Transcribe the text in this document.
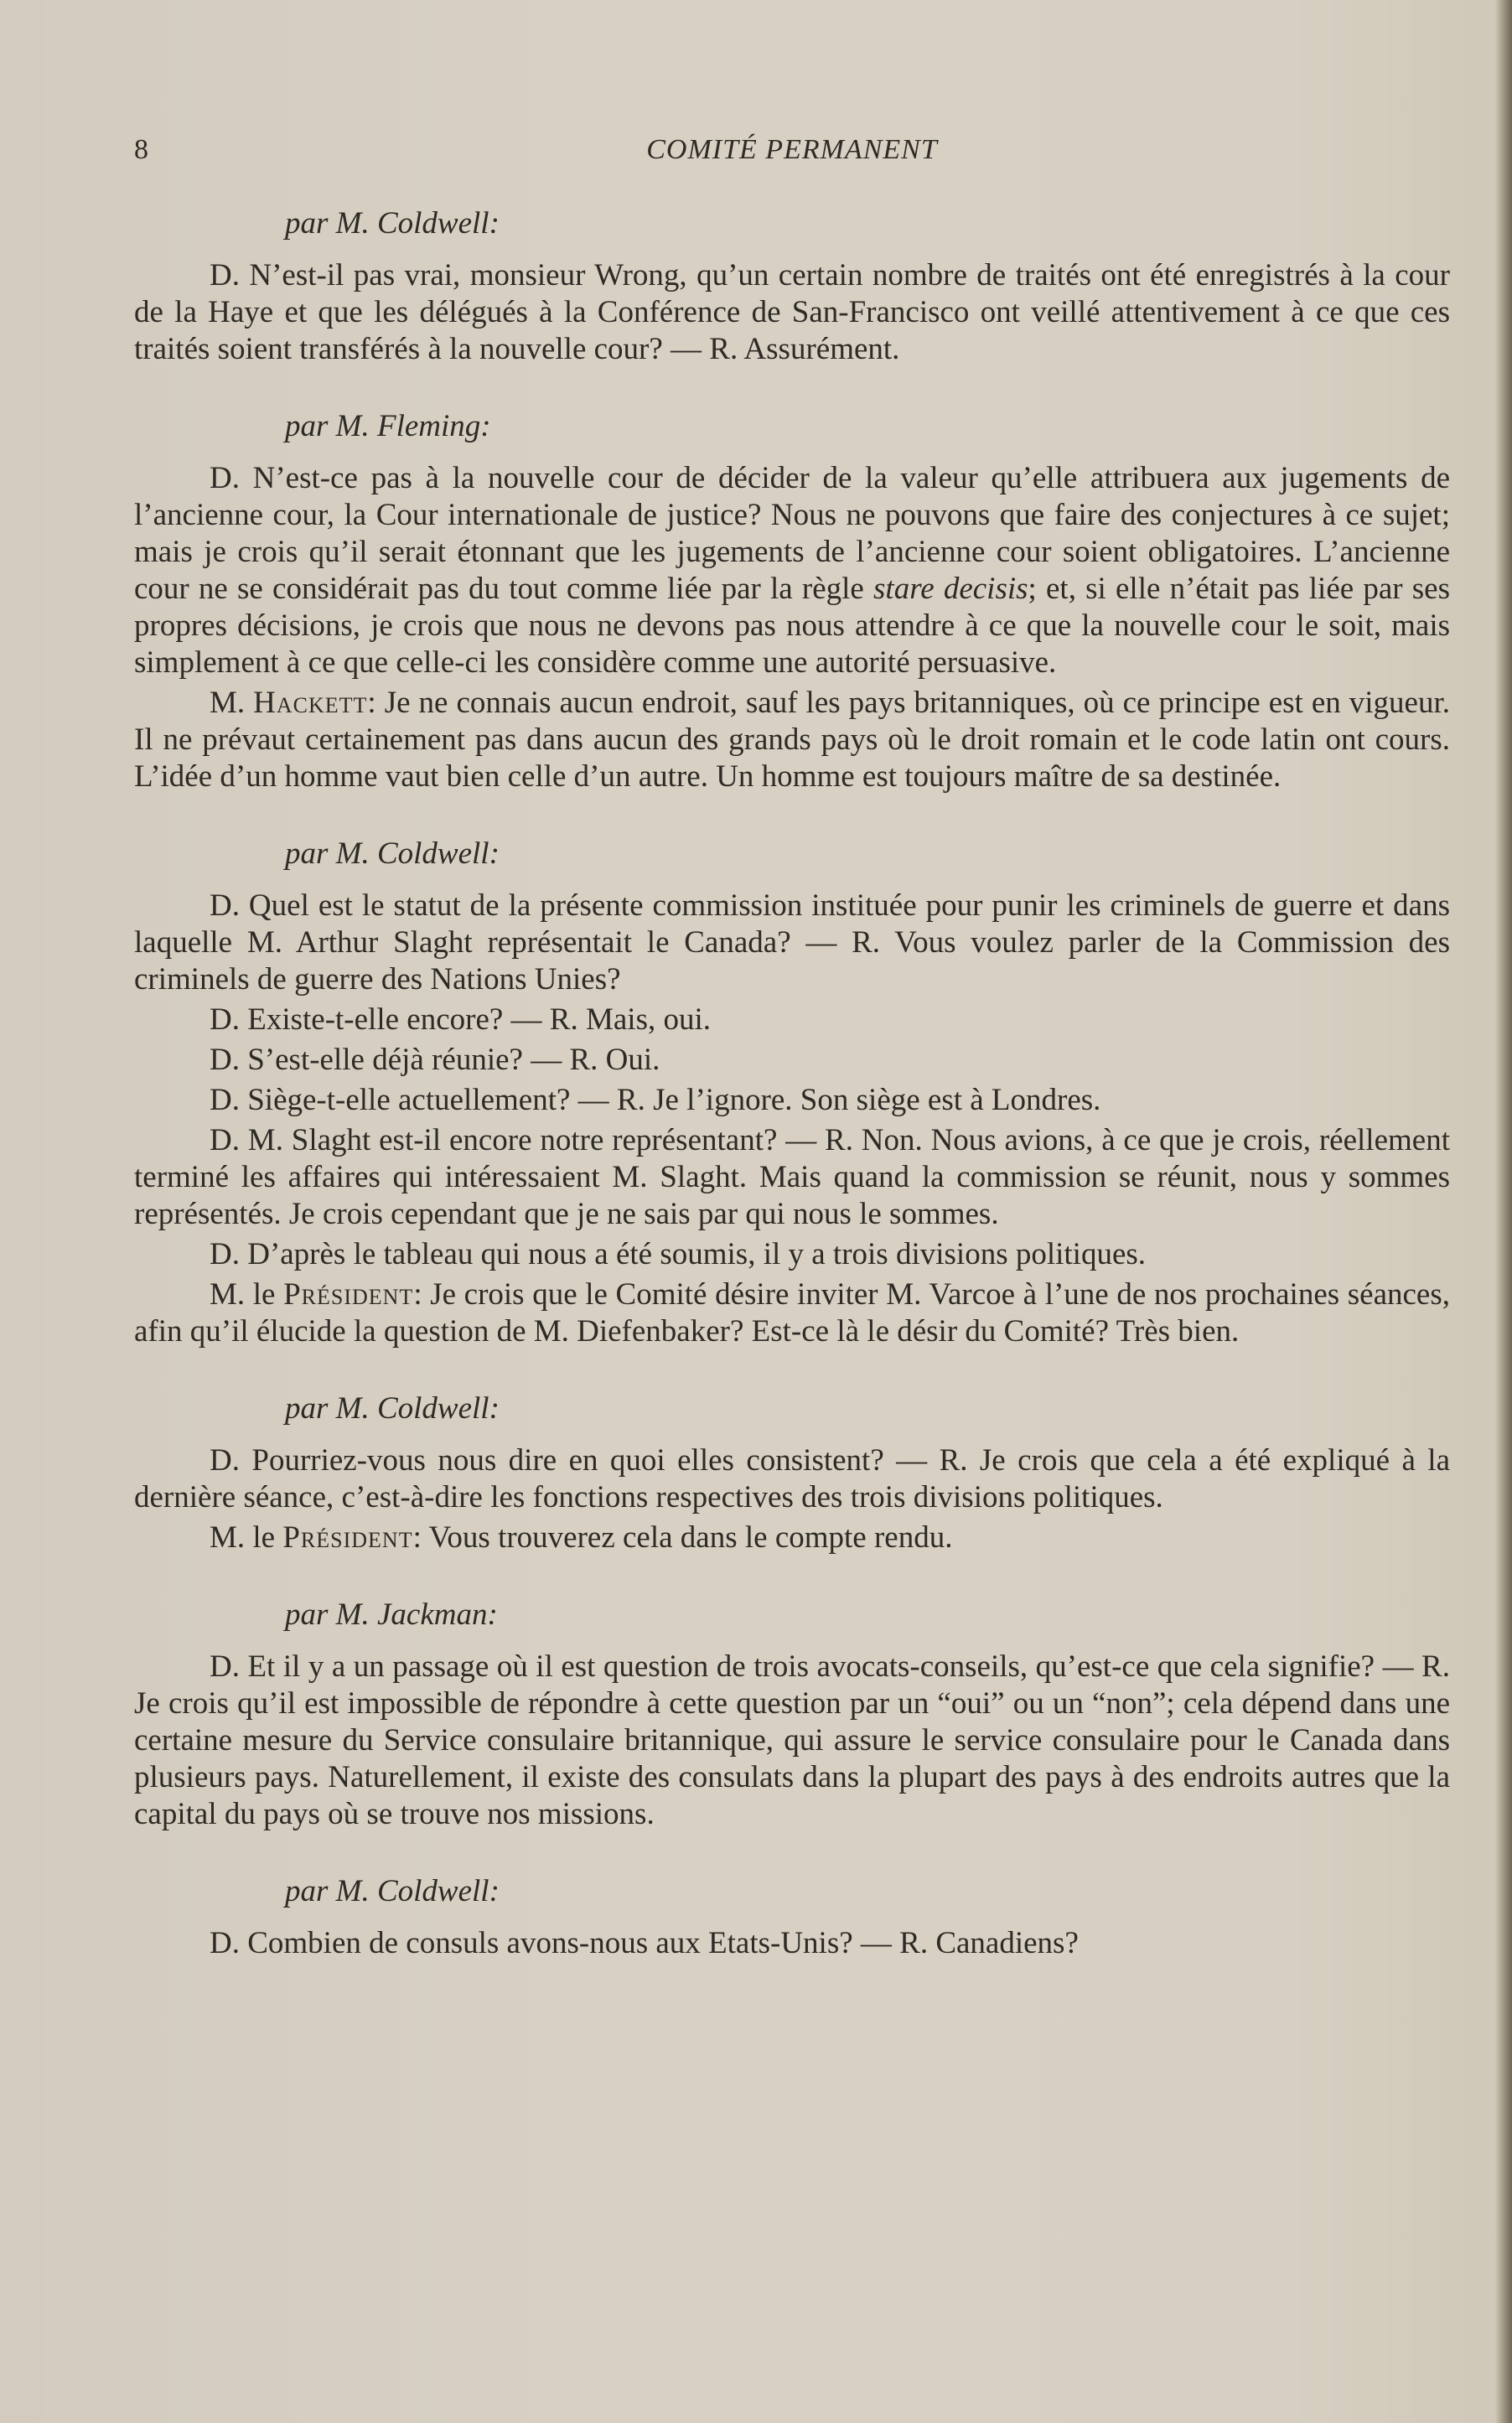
8	COMITÉ PERMANENT
par M. Coldwell:

D. N’est-il pas vrai, monsieur Wrong, qu’un certain nombre de traités ont été enregistrés à la cour de la Haye et que les délégués à la Conférence de San-Francisco ont veillé attentivement à ce que ces traités soient transférés à la nouvelle cour? — R. Assurément.

par M. Fleming:

D. N’est-ce pas à la nouvelle cour de décider de la valeur qu’elle attribuera aux jugements de l’ancienne cour, la Cour internationale de justice? Nous ne pouvons que faire des conjectures à ce sujet; mais je crois qu’il serait étonnant que les jugements de l’ancienne cour soient obligatoires. L’ancienne cour ne se considérait pas du tout comme liée par la règle stare decisis; et, si elle n’était pas liée par ses propres décisions, je crois que nous ne devons pas nous attendre à ce que la nouvelle cour le soit, mais simplement à ce que celle-ci les considère comme une autorité persuasive.

M. Hackett: Je ne connais aucun endroit, sauf les pays britanniques, où ce principe est en vigueur. Il ne prévaut certainement pas dans aucun des grands pays où le droit romain et le code latin ont cours. L’idée d’un homme vaut bien celle d’un autre. Un homme est toujours maître de sa destinée.

par M. Coldwell:

D. Quel est le statut de la présente commission instituée pour punir les criminels de guerre et dans laquelle M. Arthur Slaght représentait le Canada? — R. Vous voulez parler de la Commission des criminels de guerre des Nations Unies?

D. Existe-t-elle encore? — R. Mais, oui.

D. S’est-elle déjà réunie? — R. Oui.

D. Siège-t-elle actuellement? — R. Je l’ignore. Son siège est à Londres.

D. M. Slaght est-il encore notre représentant? — R. Non. Nous avions, à ce que je crois, réellement terminé les affaires qui intéressaient M. Slaght. Mais quand la commission se réunit, nous y sommes représentés. Je crois cependant que je ne sais par qui nous le sommes.

D. D’après le tableau qui nous a été soumis, il y a trois divisions politiques.

M. le Président: Je crois que le Comité désire inviter M. Varcoe à l’une de nos prochaines séances, afin qu’il élucide la question de M. Diefenbaker? Est-ce là le désir du Comité? Très bien.

par M. Coldwell:

D. Pourriez-vous nous dire en quoi elles consistent? — R. Je crois que cela a été expliqué à la dernière séance, c’est-à-dire les fonctions respectives des trois divisions politiques.

M. le Président: Vous trouverez cela dans le compte rendu.

par M. Jackman:

D. Et il y a un passage où il est question de trois avocats-conseils, qu’est-ce que cela signifie? — R. Je crois qu’il est impossible de répondre à cette question par un “oui” ou un “non”; cela dépend dans une certaine mesure du Service consulaire britannique, qui assure le service consulaire pour le Canada dans plusieurs pays. Naturellement, il existe des consulats dans la plupart des pays à des endroits autres que la capital du pays où se trouve nos missions.

par M. Coldwell:

D. Combien de consuls avons-nous aux Etats-Unis? — R. Canadiens?
